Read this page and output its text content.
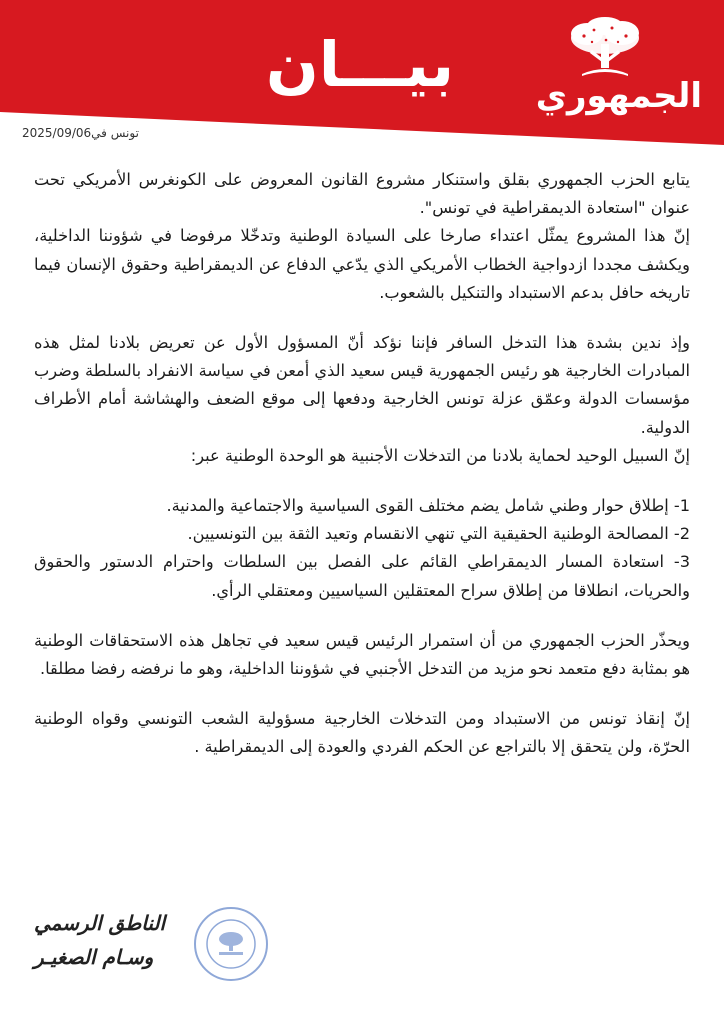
بيـــان الجمهوري

تونس في2025/09/06

يتابع الحزب الجمهوري بقلق واستنكار مشروع القانون المعروض على الكونغرس الأمريكي تحت عنوان "استعادة الديمقراطية في تونس".

إنّ هذا المشروع يمثّل اعتداء صارخا على السيادة الوطنية وتدخّلا مرفوضا في شؤوننا الداخلية، ويكشف مجددا ازدواجية الخطاب الأمريكي الذي يدّعي الدفاع عن الديمقراطية وحقوق الإنسان فيما تاريخه حافل بدعم الاستبداد والتنكيل بالشعوب.

وإذ ندين بشدة هذا التدخل السافر فإننا نؤكد أنّ المسؤول الأول عن تعريض بلادنا لمثل هذه المبادرات الخارجية هو رئيس الجمهورية قيس سعيد الذي أمعن في سياسة الانفراد بالسلطة وضرب مؤسسات الدولة وعمّق عزلة تونس الخارجية ودفعها إلى موقع الضعف والهشاشة أمام الأطراف الدولية.

إنّ السبيل الوحيد لحماية بلادنا من التدخلات الأجنبية هو الوحدة الوطنية عبر:

1- إطلاق حوار وطني شامل يضم مختلف القوى السياسية والاجتماعية والمدنية.

2- المصالحة الوطنية الحقيقية التي تنهي الانقسام وتعيد الثقة بين التونسيين.

3- استعادة المسار الديمقراطي القائم على الفصل بين السلطات واحترام الدستور والحقوق والحريات، انطلاقا من إطلاق سراح المعتقلين السياسيين ومعتقلي الرأي.

ويحذّر الحزب الجمهوري من أن استمرار الرئيس قيس سعيد في تجاهل هذه الاستحقاقات الوطنية هو بمثابة دفع متعمد نحو مزيد من التدخل الأجنبي في شؤوننا الداخلية، وهو ما نرفضه رفضا مطلقا.

إنّ إنقاذ تونس من الاستبداد ومن التدخلات الخارجية مسؤولية الشعب التونسي وقواه الوطنية الحرّة، ولن يتحقق إلا بالتراجع عن الحكم الفردي والعودة إلى الديمقراطية .

الناطق الرسمي

وسـام الصغيـر
